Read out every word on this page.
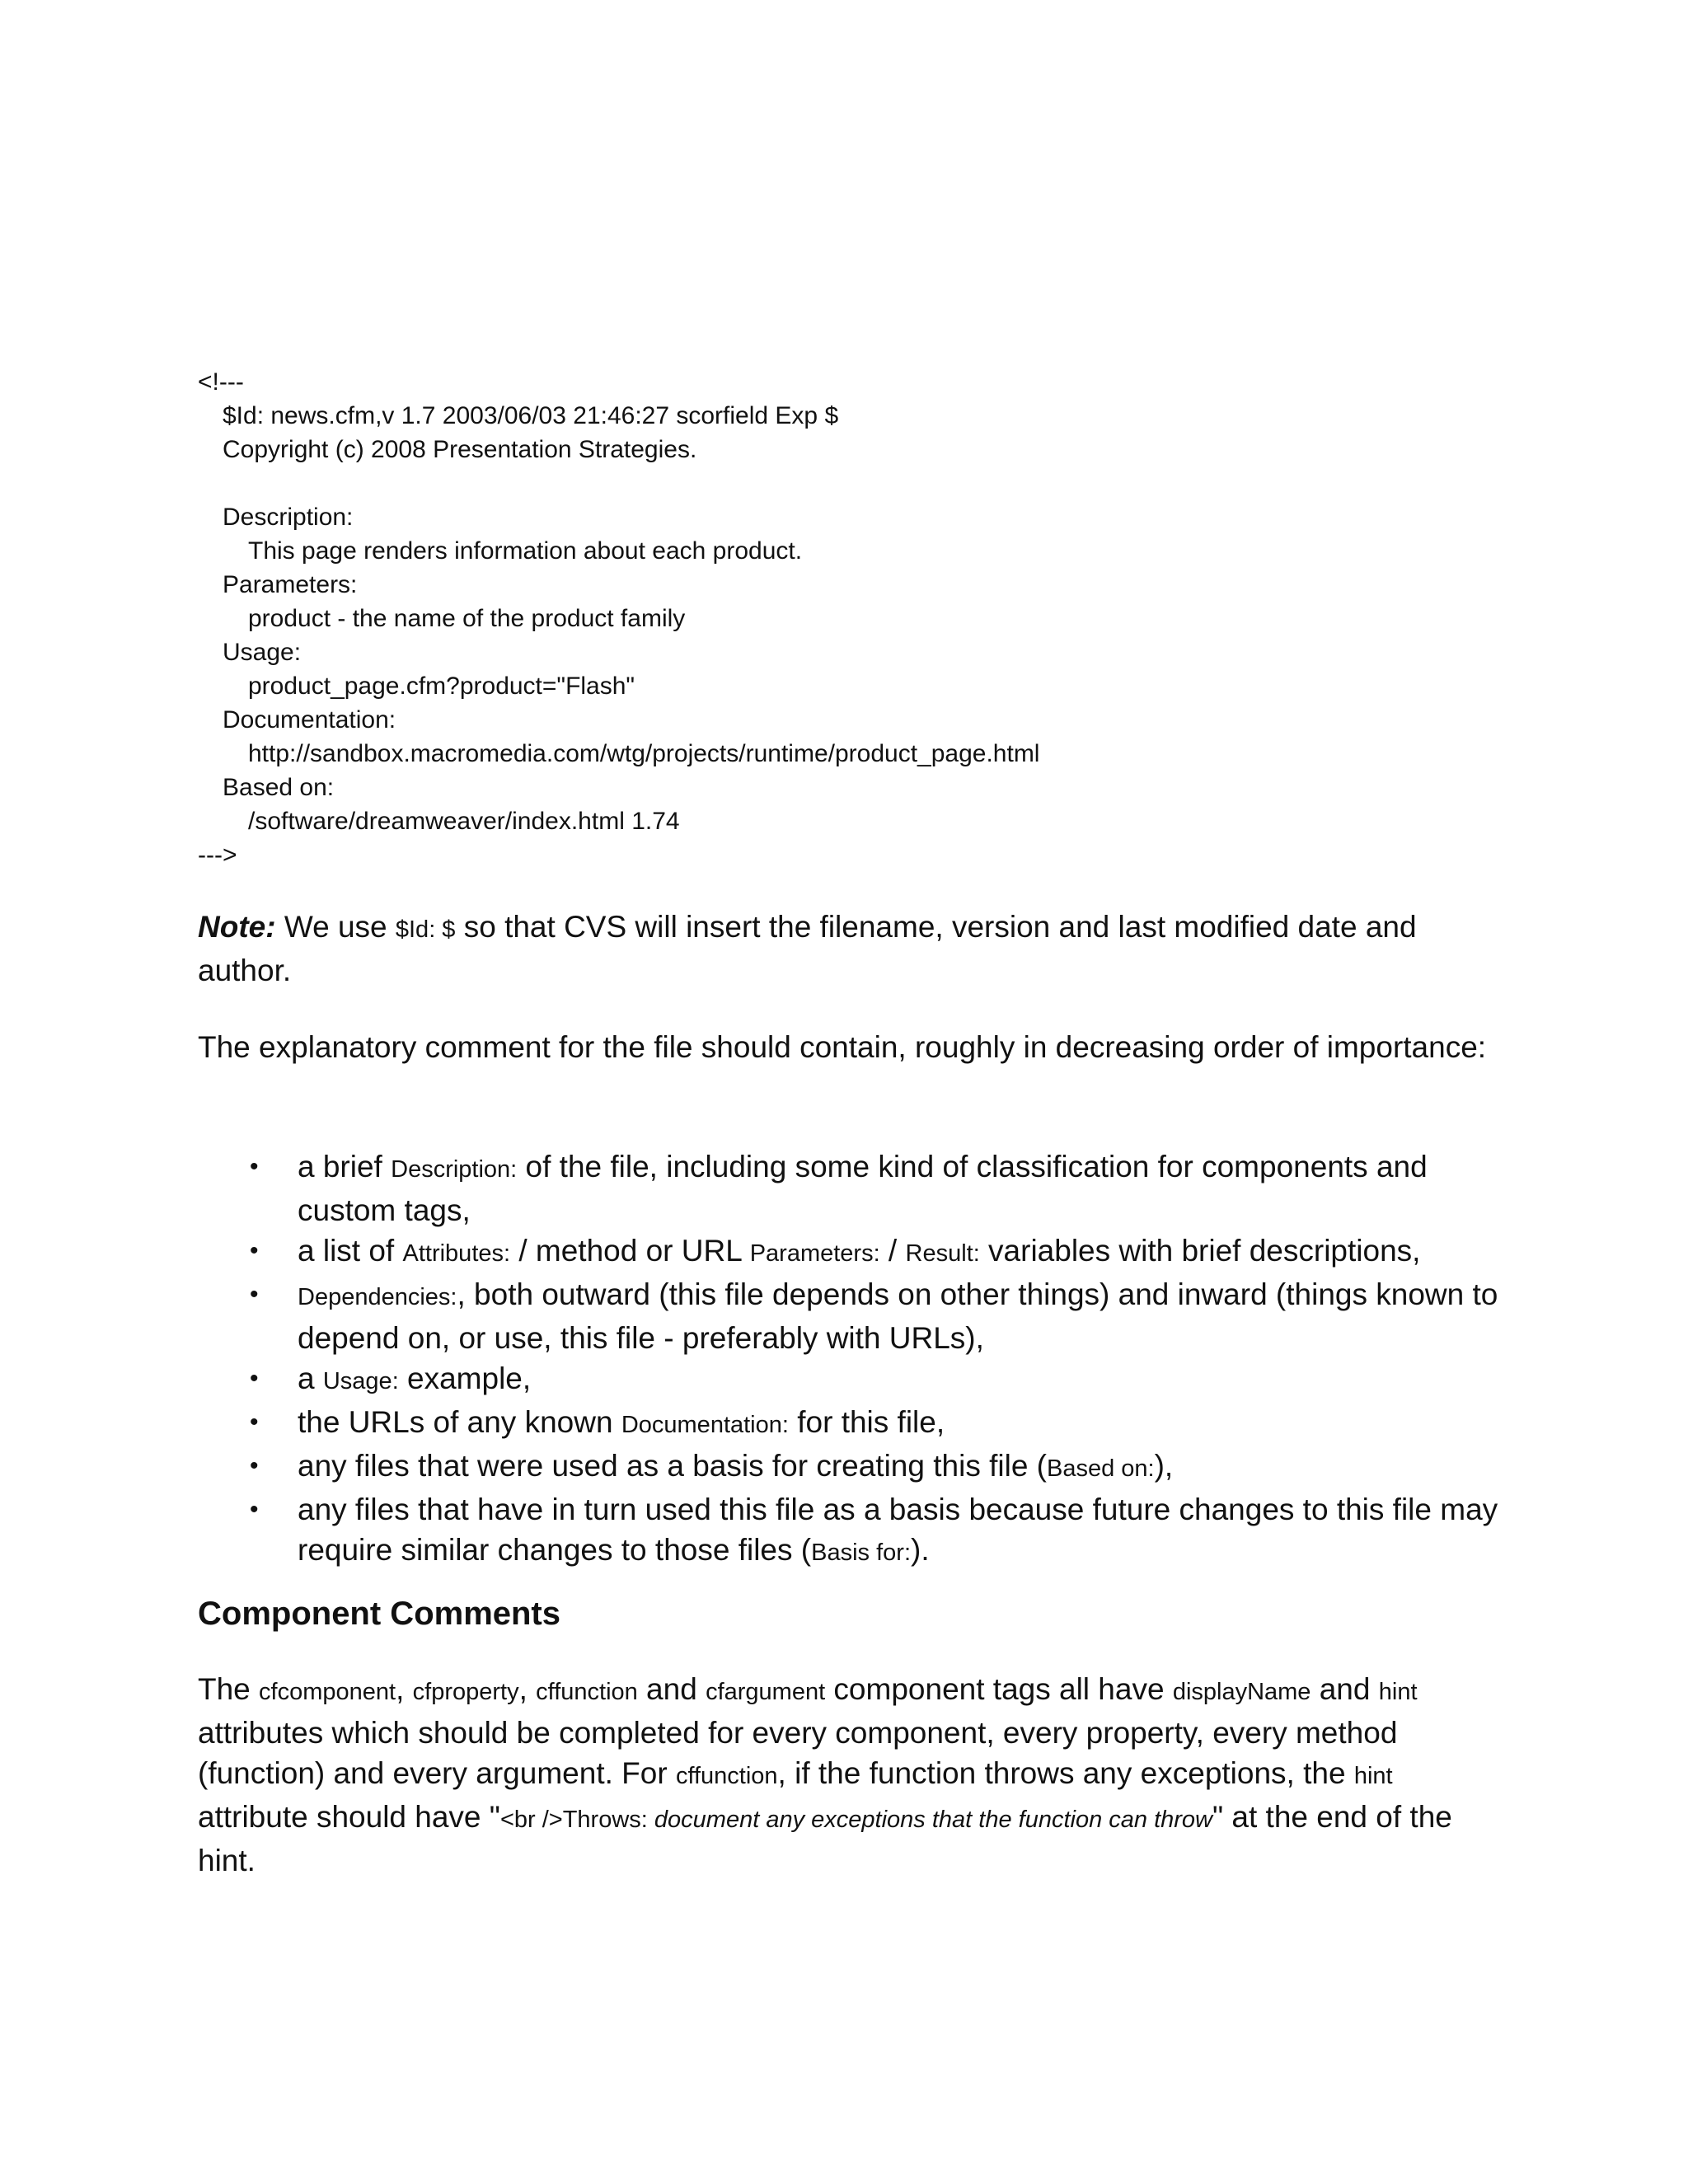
<!---
$Id: news.cfm,v 1.7 2003/06/03 21:46:27 scorfield Exp $
Copyright (c) 2008 Presentation Strategies.
Description:
This page renders information about each product.
Parameters:
product - the name of the product family
Usage:
product_page.cfm?product="Flash"
Documentation:
http://sandbox.macromedia.com/wtg/projects/runtime/product_page.html
Based on:
/software/dreamweaver/index.html 1.74
--->
Note: We use $Id: $ so that CVS will insert the filename, version and last modified date and author.
The explanatory comment for the file should contain, roughly in decreasing order of importance:
• a brief Description: of the file, including some kind of classification for components and custom tags,
• a list of Attributes: / method or URL Parameters: / Result: variables with brief descriptions,
• Dependencies:, both outward (this file depends on other things) and inward (things known to depend on, or use, this file - preferably with URLs),
• a Usage: example,
• the URLs of any known Documentation: for this file,
• any files that were used as a basis for creating this file (Based on:),
• any files that have in turn used this file as a basis because future changes to this file may require similar changes to those files (Basis for:).
Component Comments
The cfcomponent, cfproperty, cffunction and cfargument component tags all have displayName and hint attributes which should be completed for every component, every property, every method (function) and every argument. For cffunction, if the function throws any exceptions, the hint attribute should have "<br />Throws: document any exceptions that the function can throw" at the end of the hint.
